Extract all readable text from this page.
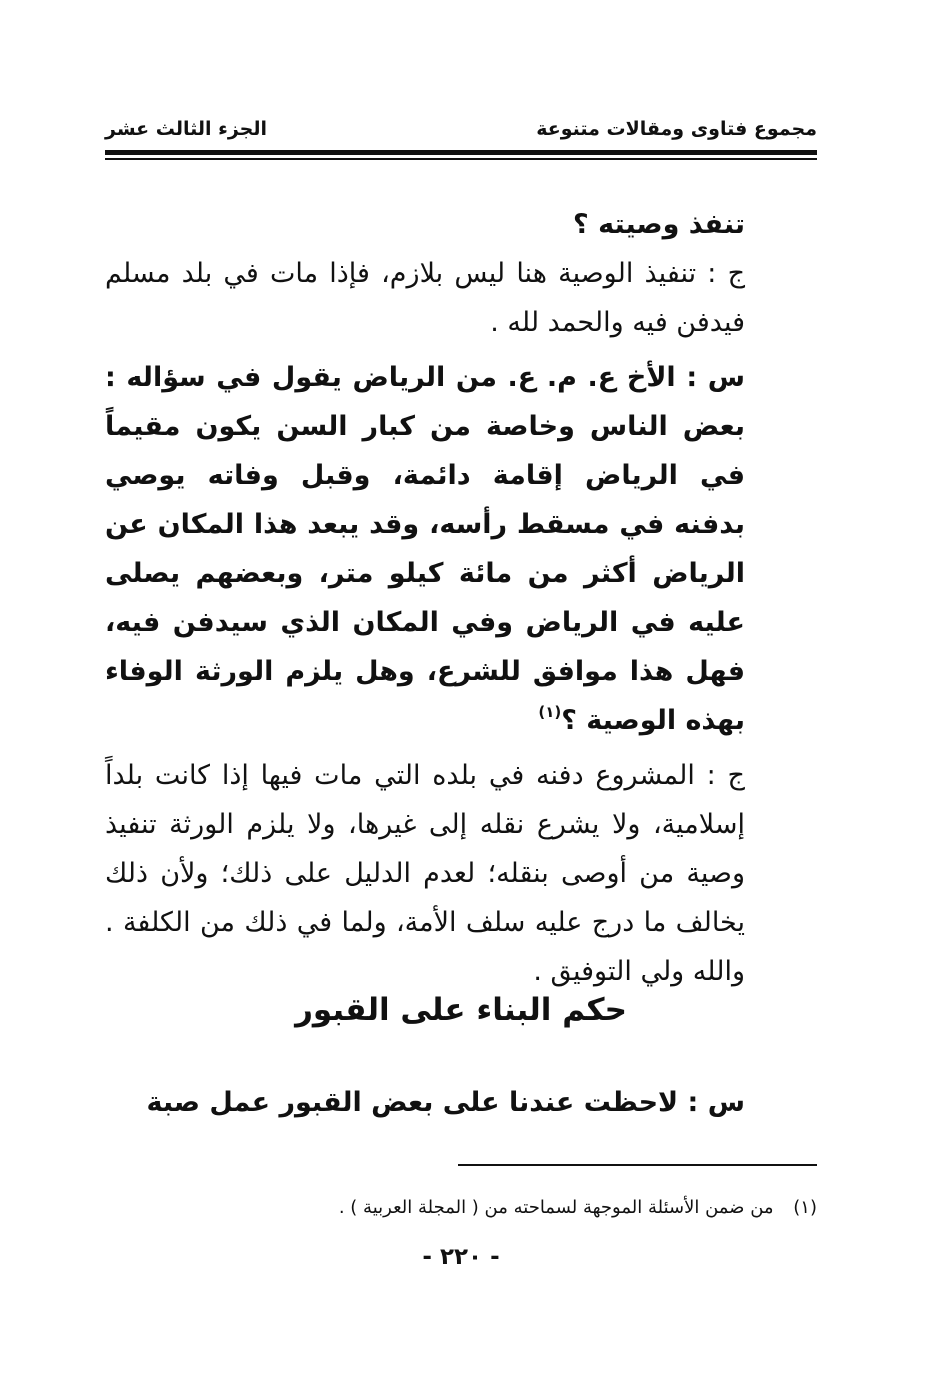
مجموع فتاوى ومقالات متنوعة
الجزء الثالث عشر

تنفذ وصيته ؟

ج : تنفيذ الوصية هنا ليس بلازم، فإذا مات في بلد مسلم فيدفن فيه والحمد لله .

س : الأخ ع. م. ع. من الرياض يقول في سؤاله : بعض الناس وخاصة من كبار السن يكون مقيماً في الرياض إقامة دائمة، وقبل وفاته يوصي بدفنه في مسقط رأسه، وقد يبعد هذا المكان عن الرياض أكثر من مائة كيلو متر، وبعضهم يصلى عليه في الرياض وفي المكان الذي سيدفن فيه، فهل هذا موافق للشرع، وهل يلزم الورثة الوفاء بهذه الوصية ؟$^{(١)}$

ج : المشروع دفنه في بلده التي مات فيها إذا كانت بلداً إسلامية، ولا يشرع نقله إلى غيرها، ولا يلزم الورثة تنفيذ وصية من أوصى بنقله؛ لعدم الدليل على ذلك؛ ولأن ذلك يخالف ما درج عليه سلف الأمة، ولما في ذلك من الكلفة . والله ولي التوفيق .

حكم البناء على القبور
س : لاحظت عندنا على بعض القبور عمل صبة
(١) من ضمن الأسئلة الموجهة لسماحته من ( المجلة العربية ) .
- ٢٢٠ -
